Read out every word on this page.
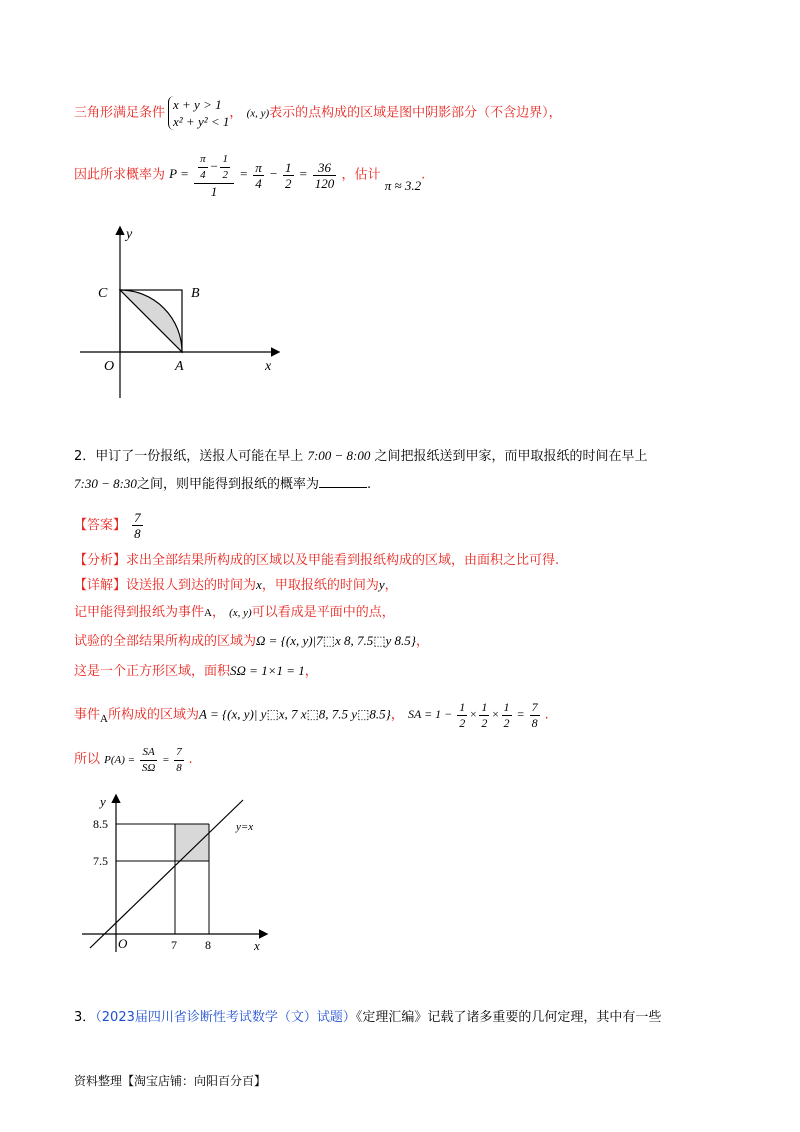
三角形满足条件x + y > 1
x² + y² < 1， (x, y)表示的点构成的区域是图中阴影部分（不含边界），
因此所求概率为 $P = \frac{\frac{\pi}{4} - \frac{1}{2}}{1} = \frac{\pi}{4} - \frac{1}{2} = \frac{36}{120}$ ，估计 π ≈ 3.2.
y
x
O	A
B
C
2．甲订了一份报纸，送报人可能在早上 7:00 − 8:00 之间把报纸送到甲家，而甲取报纸的时间在早上
7:30 − 8:30之间，则甲能得到报纸的概率为	.
【答案】 $\frac{7}{8}$
【分析】求出全部结果所构成的区域以及甲能看到报纸构成的区域，由面积之比可得.
【详解】设送报人到达的时间为x，甲取报纸的时间为y，
记甲能得到报纸为事件A， (x, y)可以看成是平面中的点，
试验的全部结果所构成的区域为Ω = {(x, y)|7⬚x 8, 7.5⬚y 8.5}，
这是一个正方形区域，面积SΩ = 1×1 = 1，
事件$_A$所构成的区域为A = {(x, y)| y⬚x, 7 x⬚8, 7.5 y⬚8.5}， SA = $1 - \frac{1}{2} \times \frac{1}{2} \times \frac{1}{2} = \frac{7}{8}$ .
所以 $P(A) = \frac{SA}{S\Omega} = \frac{7}{8}$ .
y
x
O
8.5
7.5
7 8
y=x
3．（2023届四川省诊断性考试数学（文）试题）《定理汇编》记载了诸多重要的几何定理，其中有一些
资料整理【淘宝店铺：向阳百分百】
